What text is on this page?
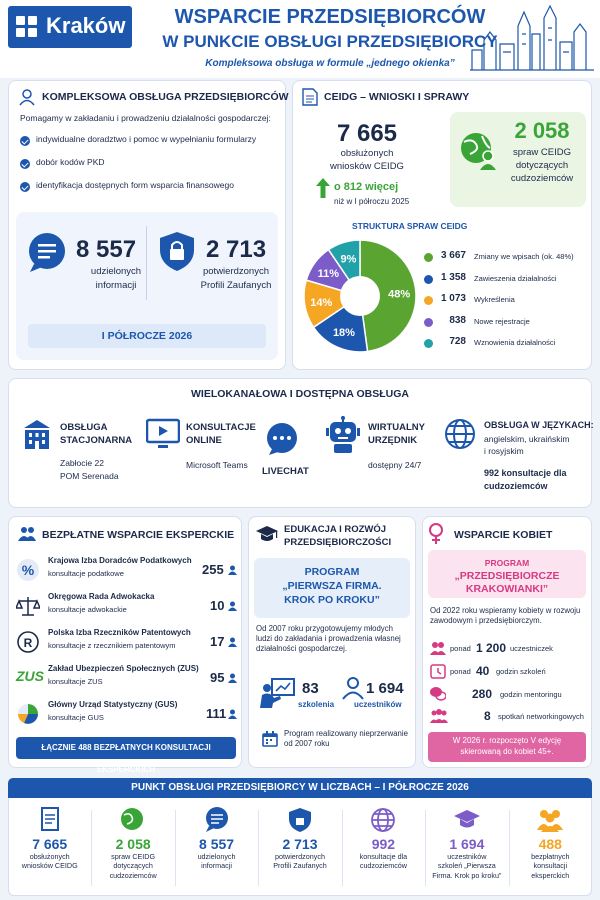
Kraków	WSPARCIE PRZEDSIĘBIORCÓW
W PUNKCIE OBSŁUGI PRZEDSIĘBIORCY
Kompleksowa obsługa w formule „jednego okienka”
KOMPLEKSOWA OBSŁUGA PRZEDSIĘBIORCÓW
Pomagamy w zakładaniu i prowadzeniu działalności gospodarczej:
indywidualne doradztwo i pomoc w wypełnianiu formularzy
dobór kodów PKD
identyfikacja dostępnych form wsparcia finansowego
8 557
udzielonych
informacji
2 713
potwierdzonych
Profili Zaufanych
I PÓŁROCZE 2026
CEIDG – WNIOSKI I SPRAWY
7 665
obsłużonych
wniosków CEIDG
o 812 więcej
niż w I półroczu 2025
2 058
spraw CEIDG
dotyczących
cudzoziemców
STRUKTURA SPRAW CEIDG
48%
18%
14%
11%
9%	3 667 Zmiany we wpisach (ok. 48%)
1 358 Zawieszenia działalności
1 073 Wykreślenia
838 Nowe rejestracje
728 Wznowienia działalności
WIELOKANAŁOWA I DOSTĘPNA OBSŁUGA
OBSŁUGA
STACJONARNA
Zabłocie 22
POM Serenada
KONSULTACJE
ONLINE
Microsoft Teams
LIVECHAT
WIRTUALNY
URZĘDNIK
dostępny 24/7
OBSŁUGA W JĘZYKACH:
angielskim, ukraińskim
i rosyjskim
992 konsultacje dla
cudzoziemców
BEZPŁATNE WSPARCIE EKSPERCKIE
%
Krajowa Izba Doradców Podatkowych
konsultacje podatkowe	255
Okręgowa Rada Adwokacka
konsultacje adwokackie	10
R
Polska Izba Rzeczników Patentowych
konsultacje z rzecznikiem patentowym	17
ZUS Zakład Ubezpieczeń Społecznych (ZUS)
konsultacje ZUS	95
Główny Urząd Statystyczny (GUS)
konsultacje GUS	111
ŁĄCZNIE 488 BEZPŁATNYCH KONSULTACJI EKSPERCKICH
EDUKACJA I ROZWÓJ
PRZEDSIĘBIORCZOŚCI
PROGRAM
„PIERWSZA FIRMA.
KROK PO KROKU”
Od 2007 roku przygotowujemy młodych ludzi do zakładania i prowadzenia własnej działalności gospodarczej.
83
szkolenia
1 694
uczestników
Program realizowany nieprzerwanie od 2007 roku
WSPARCIE KOBIET
PROGRAM
„PRZEDSIĘBIORCZE
KRAKOWIANKI”
Od 2022 roku wspieramy kobiety w rozwoju zawodowym i przedsiębiorczym.
ponad 1 200 uczestniczek
ponad 40 godzin szkoleń
280 godzin mentoringu
8 spotkań networkingowych
W 2026 r. rozpoczęto V edycję skierowaną do kobiet 45+.
PUNKT OBSŁUGI PRZEDSIĘBIORCY W LICZBACH – I PÓŁROCZE 2026
7 665
obsłużonych
wniosków CEIDG
2 058
spraw CEIDG
dotyczących
cudzoziemców
8 557
udzielonych
informacji
2 713
potwierdzonych
Profili Zaufanych
992
konsultacje dla
cudzoziemców
1 694
uczestników
szkoleń „Pierwsza
Firma. Krok po kroku”
488
bezpłatnych
konsultacji
eksperckich
